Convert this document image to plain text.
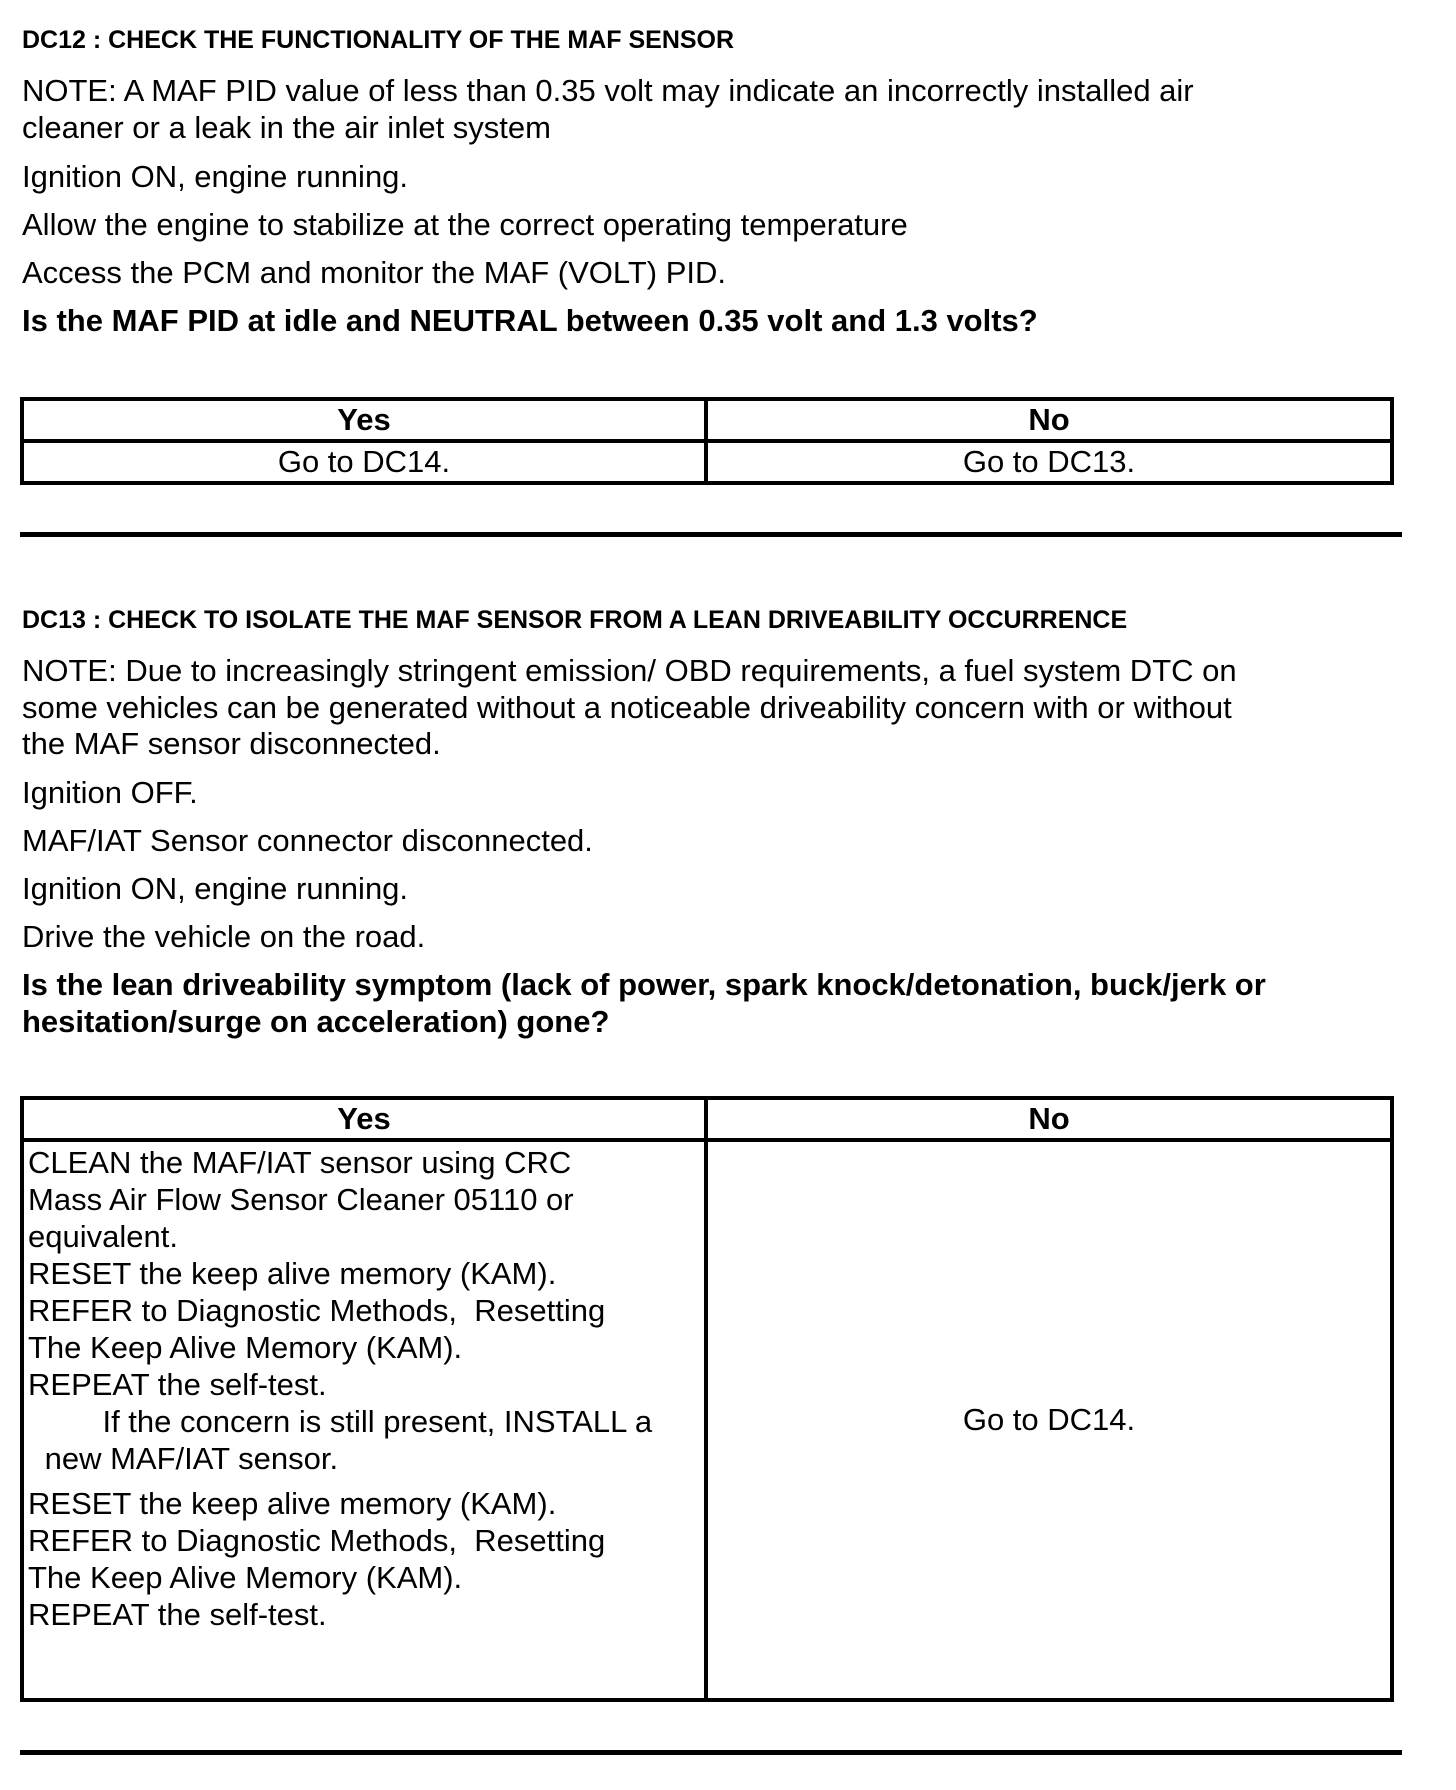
DC12 : CHECK THE FUNCTIONALITY OF THE MAF SENSOR
NOTE: A MAF PID value of less than 0.35 volt may indicate an incorrectly installed air
cleaner or a leak in the air inlet system
Ignition ON, engine running.
Allow the engine to stabilize at the correct operating temperature
Access the PCM and monitor the MAF (VOLT) PID.
Is the MAF PID at idle and NEUTRAL between 0.35 volt and 1.3 volts?
Yes	No
Go to DC14.	Go to DC13.
DC13 : CHECK TO ISOLATE THE MAF SENSOR FROM A LEAN DRIVEABILITY OCCURRENCE
NOTE: Due to increasingly stringent emission/ OBD requirements, a fuel system DTC on
some vehicles can be generated without a noticeable driveability concern with or without
the MAF sensor disconnected.
Ignition OFF.
MAF/IAT Sensor connector disconnected.
Ignition ON, engine running.
Drive the vehicle on the road.
Is the lean driveability symptom (lack of power, spark knock/detonation, buck/jerk or
hesitation/surge on acceleration) gone?
Yes	No

CLEAN the MAF/IAT sensor using CRC
Mass Air Flow Sensor Cleaner 05110 or
equivalent.
RESET the keep alive memory (KAM).
REFER to Diagnostic Methods,  Resetting
The Keep Alive Memory (KAM).
REPEAT the self-test.
If the concern is still present, INSTALL a
new MAF/IAT sensor.
RESET the keep alive memory (KAM).
REFER to Diagnostic Methods,  Resetting
The Keep Alive Memory (KAM).
REPEAT the self-test.
	Go to DC14.
